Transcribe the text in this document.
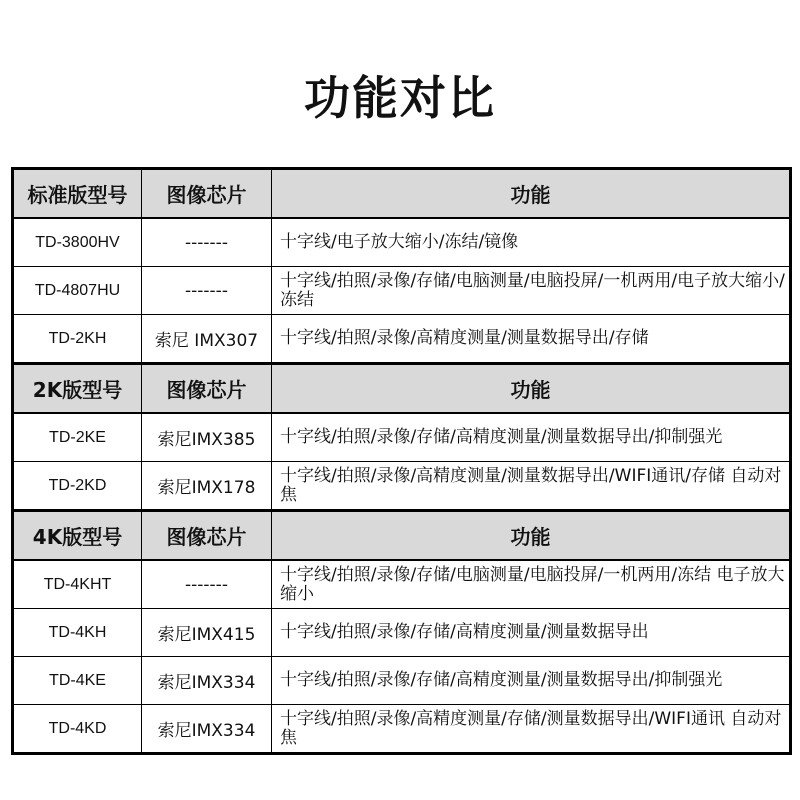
功能对比
标准版型号	图像芯片	功能
TD-3800HV	-------	十字线/电子放大缩小/冻结/镜像
TD-4807HU	-------	十字线/拍照/录像/存储/电脑测量/电脑投屏/一机两用/电子放大缩小/冻结
TD-2KH	索尼 IMX307	十字线/拍照/录像/高精度测量/测量数据导出/存储
2K版型号	图像芯片	功能
TD-2KE	索尼IMX385	十字线/拍照/录像/存储/高精度测量/测量数据导出/抑制强光
TD-2KD	索尼IMX178	十字线/拍照/录像/高精度测量/测量数据导出/WIFI通讯/存储 自动对焦
4K版型号	图像芯片	功能
TD-4KHT	-------	十字线/拍照/录像/存储/电脑测量/电脑投屏/一机两用/冻结 电子放大缩小
TD-4KH	索尼IMX415	十字线/拍照/录像/存储/高精度测量/测量数据导出
TD-4KE	索尼IMX334	十字线/拍照/录像/存储/高精度测量/测量数据导出/抑制强光
TD-4KD	索尼IMX334	十字线/拍照/录像/高精度测量/存储/测量数据导出/WIFI通讯 自动对焦
